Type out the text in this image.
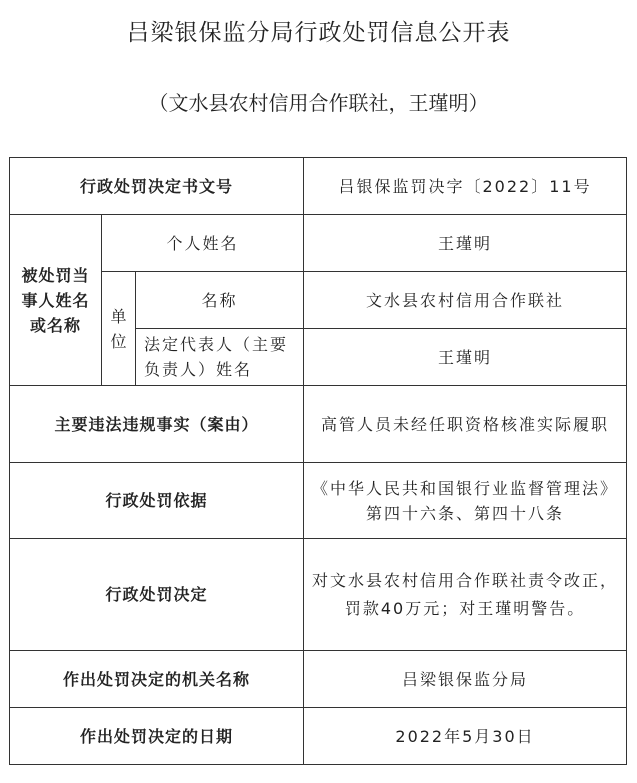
吕梁银保监分局行政处罚信息公开表
（文水县农村信用合作联社，王瑾明）
行政处罚决定书文号			吕银保监罚决字〔2022〕11号
被处罚当事人姓名或名称	个人姓名		王瑾明
	单位	名称	文水县农村信用合作联社
		法定代表人（主要负责人）姓名	王瑾明
主要违法违规事实（案由）			高管人员未经任职资格核准实际履职
行政处罚依据			《中华人民共和国银行业监督管理法》第四十六条、第四十八条
行政处罚决定			对文水县农村信用合作联社责令改正，罚款40万元；对王瑾明警告。
作出处罚决定的机关名称			吕梁银保监分局
作出处罚决定的日期			2022年5月30日
